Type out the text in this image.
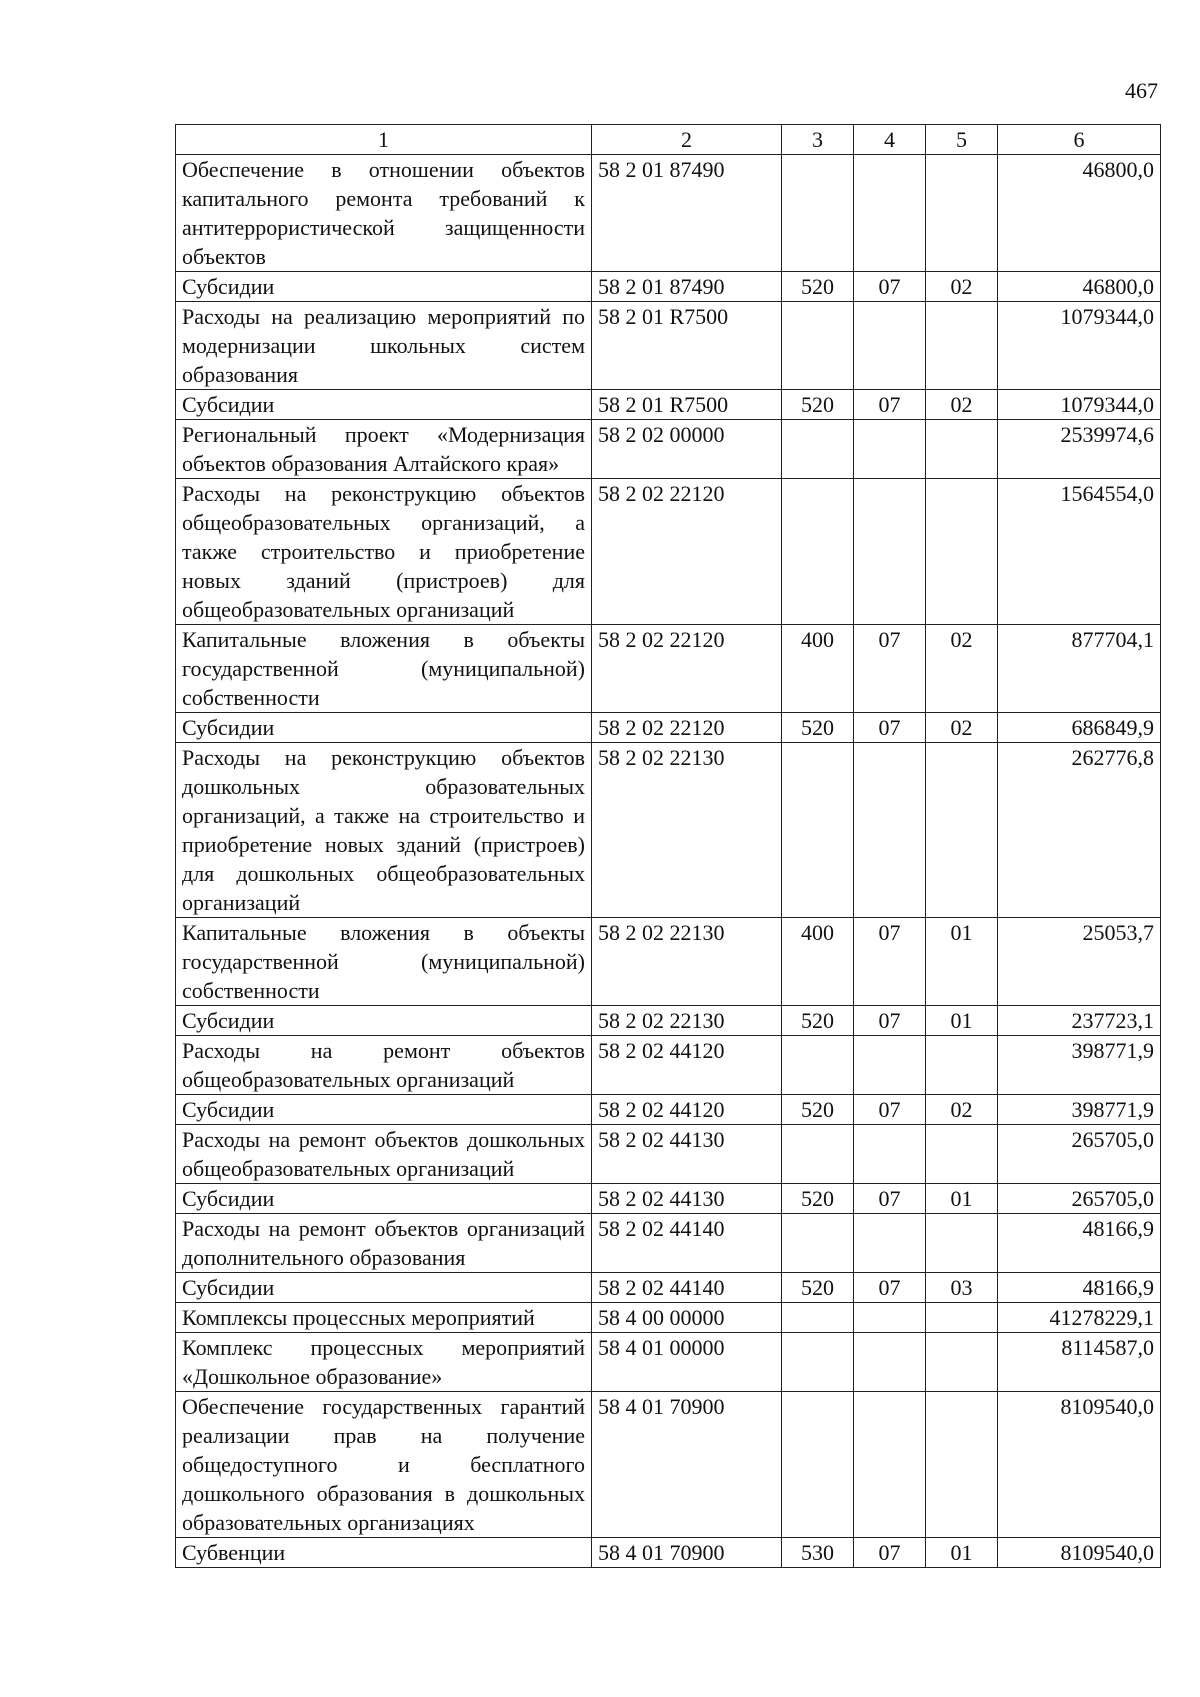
467
1	2	3	4	5	6
Обеспечение в отношении объектов капитального ремонта требований к антитеррористической защищенности объектов	58 2 01 87490				46800,0
Субсидии	58 2 01 87490	520	07	02	46800,0
Расходы на реализацию мероприятий по модернизации школьных систем образования	58 2 01 R7500				1079344,0
Субсидии	58 2 01 R7500	520	07	02	1079344,0
Региональный проект «Модернизация объектов образования Алтайского края»	58 2 02 00000				2539974,6
Расходы на реконструкцию объектов общеобразовательных организаций, а также строительство и приобретение новых зданий (пристроев) для общеобразовательных организаций	58 2 02 22120				1564554,0
Капитальные вложения в объекты государственной (муниципальной) собственности	58 2 02 22120	400	07	02	877704,1
Субсидии	58 2 02 22120	520	07	02	686849,9
Расходы на реконструкцию объектов дошкольных образовательных организаций, а также на строительство и приобретение новых зданий (пристроев) для дошкольных общеобразовательных организаций	58 2 02 22130				262776,8
Капитальные вложения в объекты государственной (муниципальной) собственности	58 2 02 22130	400	07	01	25053,7
Субсидии	58 2 02 22130	520	07	01	237723,1
Расходы на ремонт объектов общеобразовательных организаций	58 2 02 44120				398771,9
Субсидии	58 2 02 44120	520	07	02	398771,9
Расходы на ремонт объектов дошкольных общеобразовательных организаций	58 2 02 44130				265705,0
Субсидии	58 2 02 44130	520	07	01	265705,0
Расходы на ремонт объектов организаций дополнительного образования	58 2 02 44140				48166,9
Субсидии	58 2 02 44140	520	07	03	48166,9
Комплексы процессных мероприятий	58 4 00 00000				41278229,1
Комплекс процессных мероприятий «Дошкольное образование»	58 4 01 00000				8114587,0
Обеспечение государственных гарантий реализации прав на получение общедоступного и бесплатного дошкольного образования в дошкольных образовательных организациях	58 4 01 70900				8109540,0
Субвенции	58 4 01 70900	530	07	01	8109540,0
